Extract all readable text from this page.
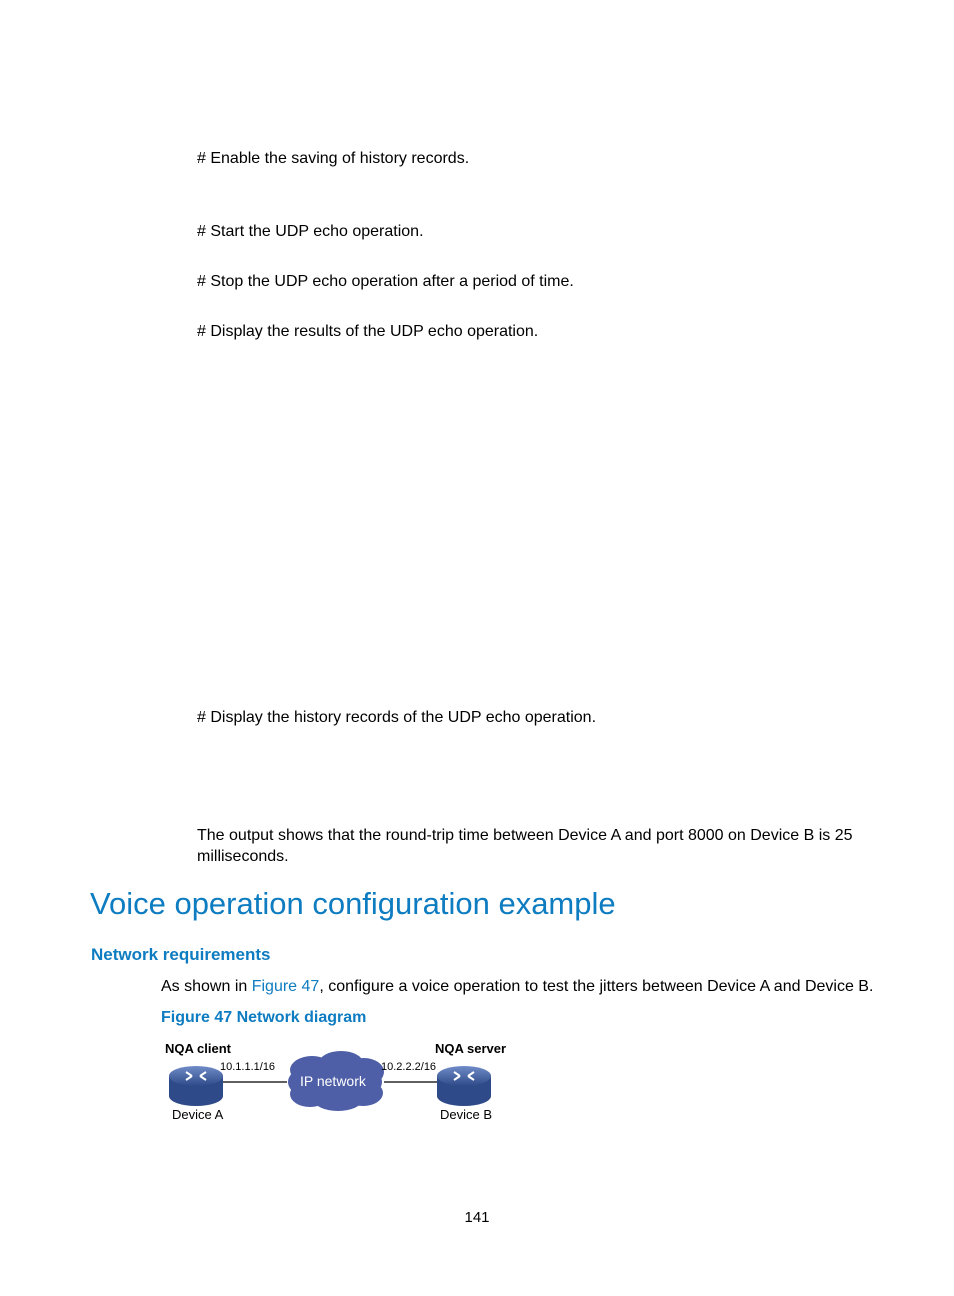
# Enable the saving of history records.
# Start the UDP echo operation.
# Stop the UDP echo operation after a period of time.
# Display the results of the UDP echo operation.
# Display the history records of the UDP echo operation.
The output shows that the round-trip time between Device A and port 8000 on Device B is 25
milliseconds.
Voice operation configuration example
Network requirements
As shown in Figure 47, configure a voice operation to test the jitters between Device A and Device B.
Figure 47 Network diagram
NQA client	NQA server
10.1.1.1/16	10.2.2.2/16
IP network
Device A	Device B
141
